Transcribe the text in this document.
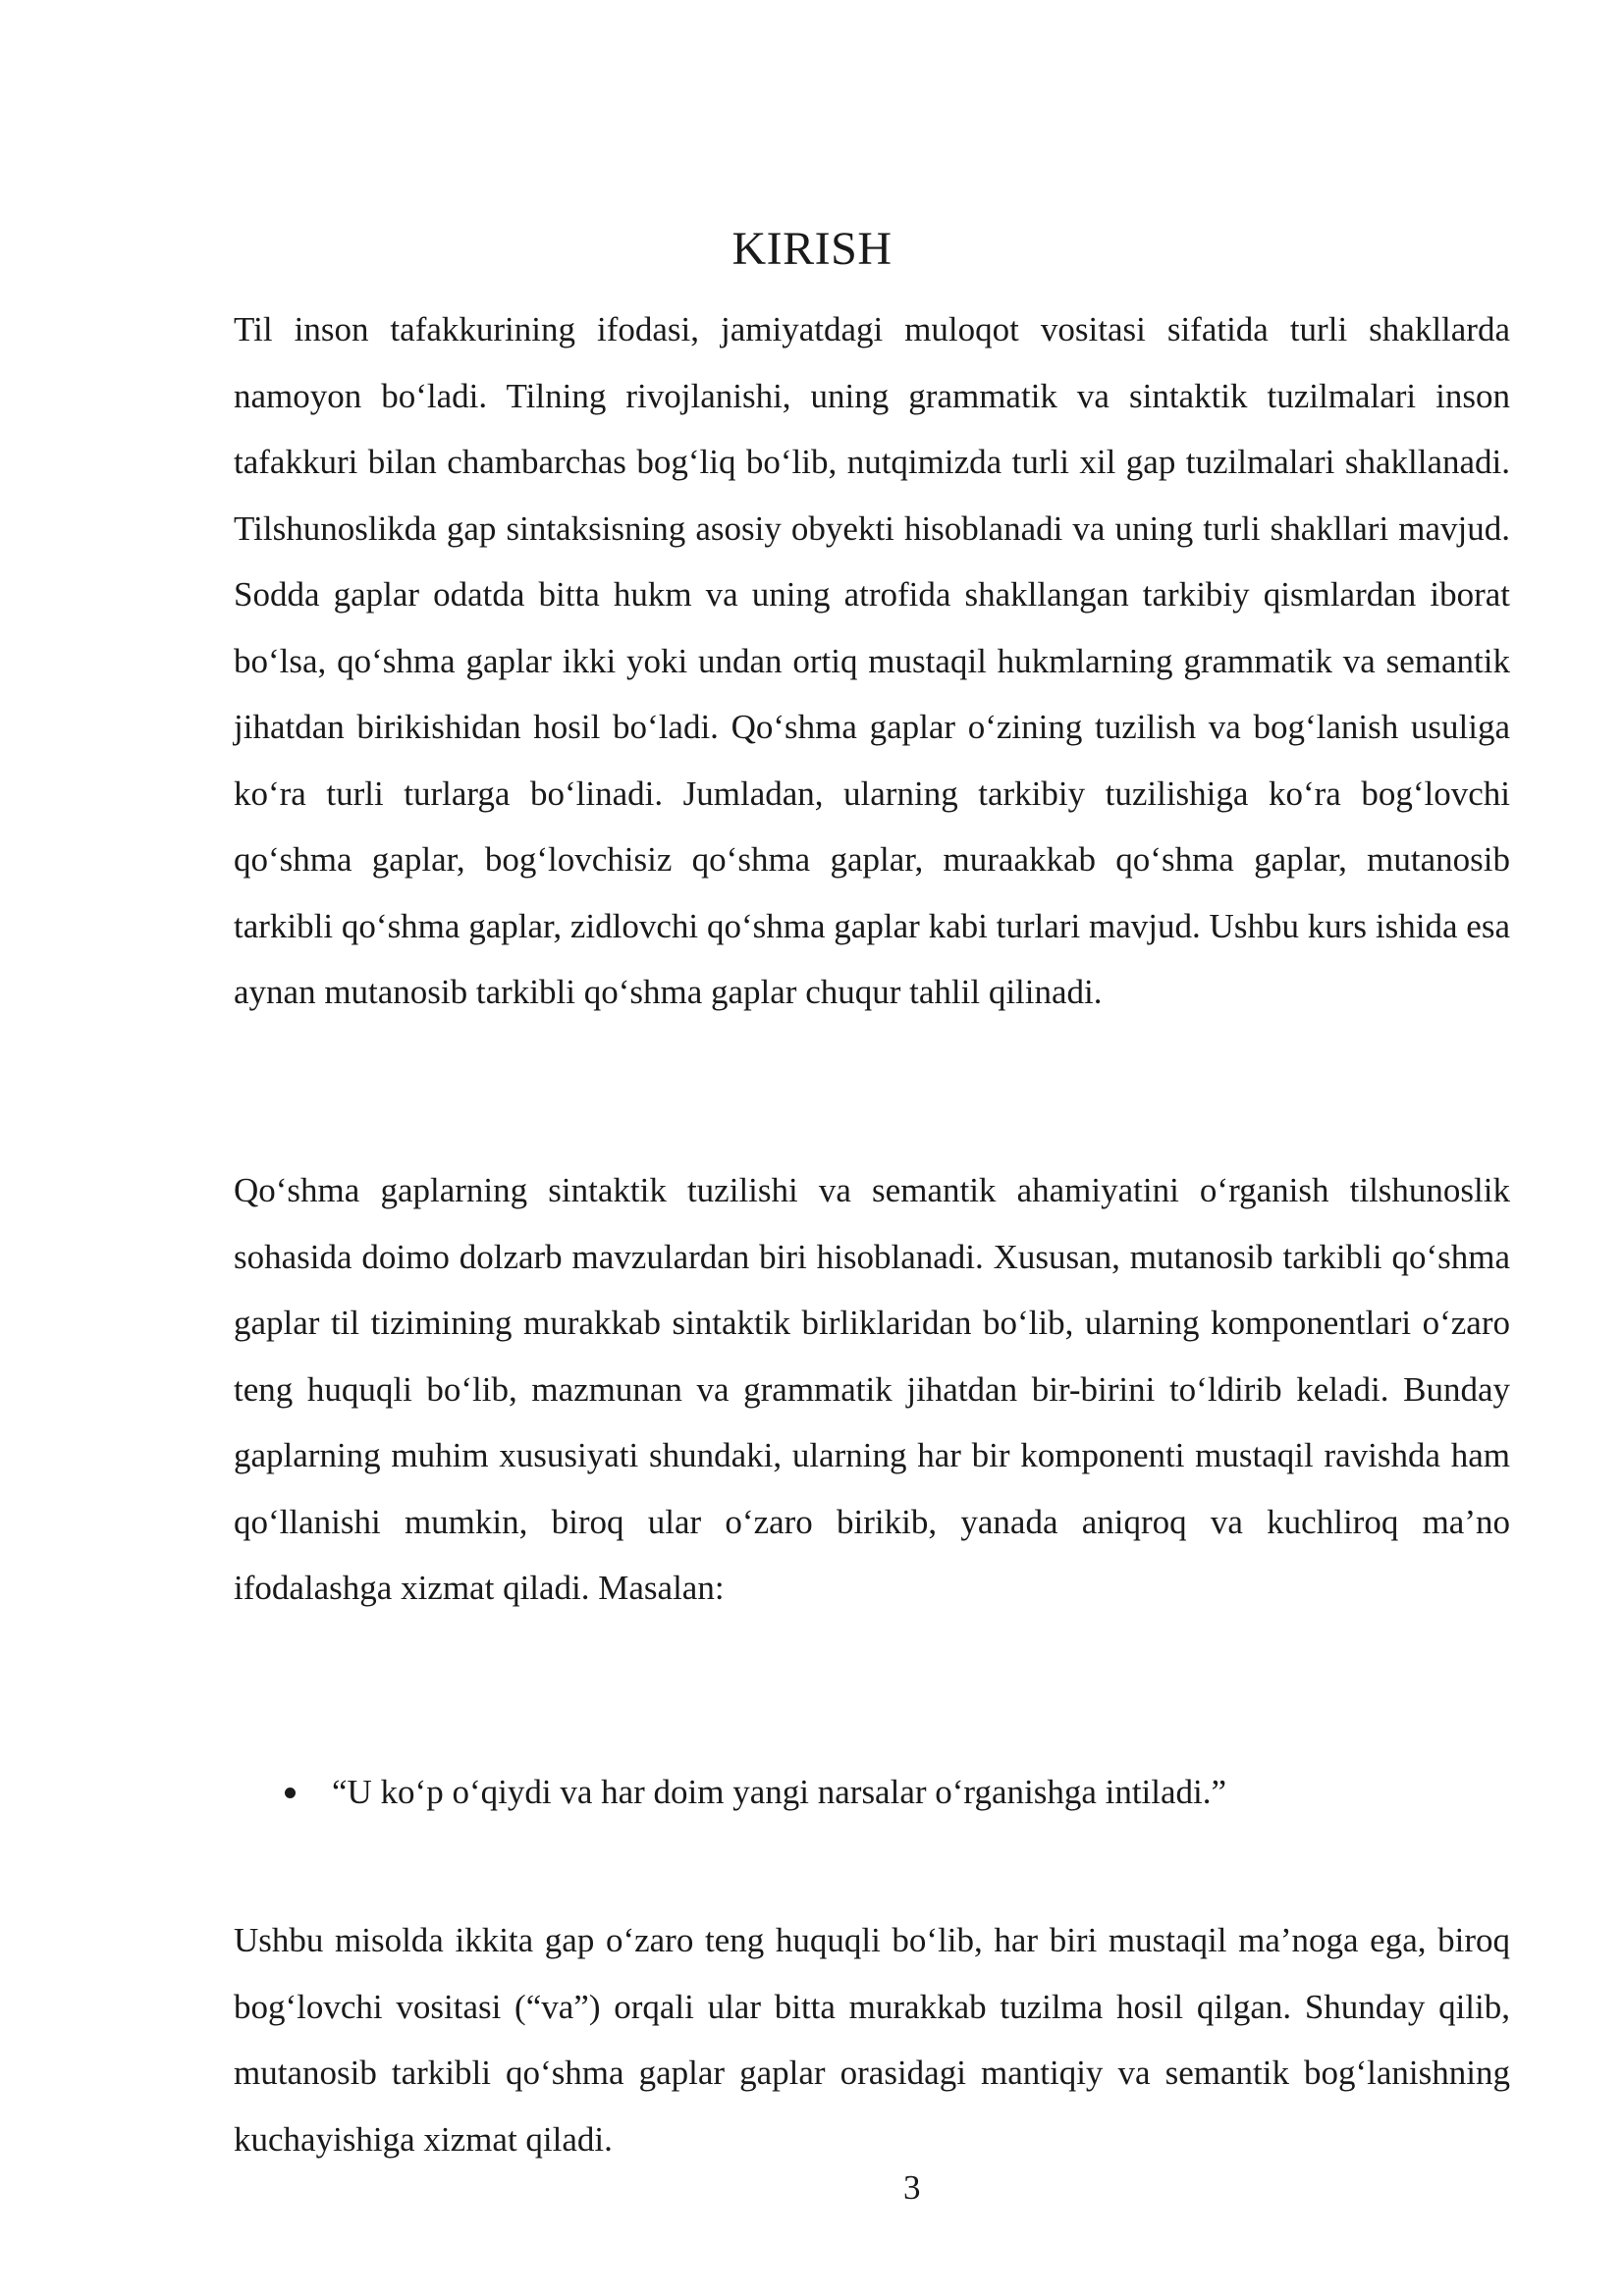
KIRISH

Til inson tafakkurining ifodasi, jamiyatdagi muloqot vositasi sifatida turli shakllarda namoyon bo‘ladi. Tilning rivojlanishi, uning grammatik va sintaktik tuzilmalari inson tafakkuri bilan chambarchas bog‘liq bo‘lib, nutqimizda turli xil gap tuzilmalari shakllanadi. Tilshunoslikda gap sintaksisning asosiy obyekti hisoblanadi va uning turli shakllari mavjud. Sodda gaplar odatda bitta hukm va uning atrofida shakllangan tarkibiy qismlardan iborat bo‘lsa, qo‘shma gaplar ikki yoki undan ortiq mustaqil hukmlarning grammatik va semantik jihatdan birikishidan hosil bo‘ladi. Qo‘shma gaplar o‘zining tuzilish va bog‘lanish usuliga ko‘ra turli turlarga bo‘linadi. Jumladan, ularning tarkibiy tuzilishiga ko‘ra bog‘lovchi qo‘shma gaplar, bog‘lovchisiz qo‘shma gaplar, muraakkab qo‘shma gaplar, mutanosib tarkibli qo‘shma gaplar, zidlovchi qo‘shma gaplar kabi turlari mavjud. Ushbu kurs ishida esa aynan mutanosib tarkibli qo‘shma gaplar chuqur tahlil qilinadi.

Qo‘shma gaplarning sintaktik tuzilishi va semantik ahamiyatini o‘rganish tilshunoslik sohasida doimo dolzarb mavzulardan biri hisoblanadi. Xususan, mutanosib tarkibli qo‘shma gaplar til tizimining murakkab sintaktik birliklaridan bo‘lib, ularning komponentlari o‘zaro teng huquqli bo‘lib, mazmunan va grammatik jihatdan bir-birini to‘ldirib keladi. Bunday gaplarning muhim xususiyati shundaki, ularning har bir komponenti mustaqil ravishda ham qo‘llanishi mumkin, biroq ular o‘zaro birikib, yanada aniqroq va kuchliroq ma’no ifodalashga xizmat qiladi. Masalan:

“U ko‘p o‘qiydi va har doim yangi narsalar o‘rganishga intiladi.”

Ushbu misolda ikkita gap o‘zaro teng huquqli bo‘lib, har biri mustaqil ma’noga ega, biroq bog‘lovchi vositasi (“va”) orqali ular bitta murakkab tuzilma hosil qilgan. Shunday qilib, mutanosib tarkibli qo‘shma gaplar gaplar orasidagi mantiqiy va semantik bog‘lanishning kuchayishiga xizmat qiladi.

3
